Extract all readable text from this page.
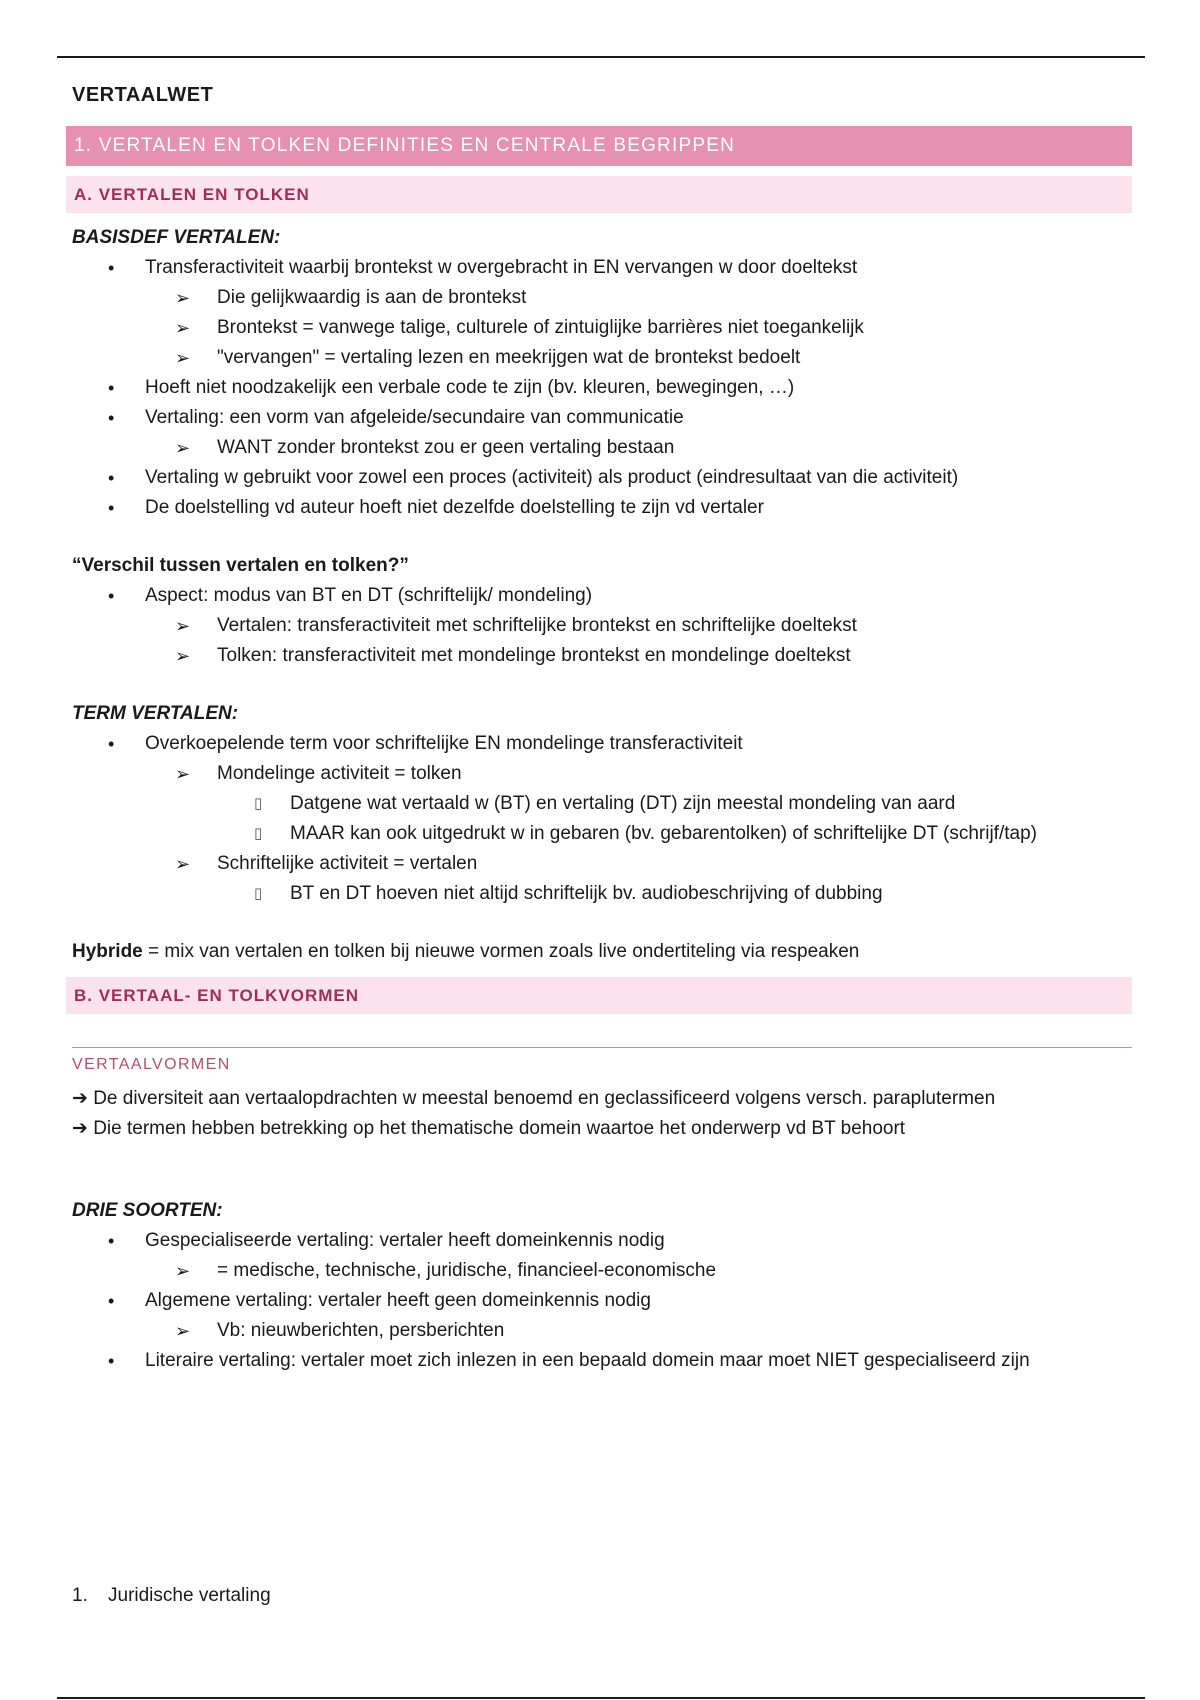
VERTAALWET
1. VERTALEN EN TOLKEN DEFINITIES EN CENTRALE BEGRIPPEN
A. VERTALEN EN TOLKEN
BASISDEF VERTALEN:
• Transferactiviteit waarbij brontekst w overgebracht in EN vervangen w door doeltekst
➢ Die gelijkwaardig is aan de brontekst
➢ Brontekst = vanwege talige, culturele of zintuiglijke barrières niet toegankelijk
➢ "vervangen" = vertaling lezen en meekrijgen wat de brontekst bedoelt
• Hoeft niet noodzakelijk een verbale code te zijn (bv. kleuren, bewegingen, …)
• Vertaling: een vorm van afgeleide/secundaire van communicatie
➢ WANT zonder brontekst zou er geen vertaling bestaan
• Vertaling w gebruikt voor zowel een proces (activiteit) als product (eindresultaat van die activiteit)
• De doelstelling vd auteur hoeft niet dezelfde doelstelling te zijn vd vertaler
“Verschil tussen vertalen en tolken?”
• Aspect: modus van BT en DT (schriftelijk/ mondeling)
➢ Vertalen: transferactiviteit met schriftelijke brontekst en schriftelijke doeltekst
➢ Tolken: transferactiviteit met mondelinge brontekst en mondelinge doeltekst
TERM VERTALEN:
• Overkoepelende term voor schriftelijke EN mondelinge transferactiviteit
➢ Mondelinge activiteit = tolken
▯ Datgene wat vertaald w (BT) en vertaling (DT) zijn meestal mondeling van aard
▯ MAAR kan ook uitgedrukt w in gebaren (bv. gebarentolken) of schriftelijke DT (schrijf/tap)
➢ Schriftelijke activiteit = vertalen
▯ BT en DT hoeven niet altijd schriftelijk bv. audiobeschrijving of dubbing
Hybride = mix van vertalen en tolken bij nieuwe vormen zoals live ondertiteling via respeaken
B. VERTAAL- EN TOLKVORMEN
VERTAALVORMEN
➔ De diversiteit aan vertaalopdrachten w meestal benoemd en geclassificeerd volgens versch. paraplutermen
➔ Die termen hebben betrekking op het thematische domein waartoe het onderwerp vd BT behoort
DRIE SOORTEN:
• Gespecialiseerde vertaling: vertaler heeft domeinkennis nodig
➢ = medische, technische, juridische, financieel-economische
• Algemene vertaling: vertaler heeft geen domeinkennis nodig
➢ Vb: nieuwberichten, persberichten
• Literaire vertaling: vertaler moet zich inlezen in een bepaald domein maar moet NIET gespecialiseerd zijn
1. Juridische vertaling
